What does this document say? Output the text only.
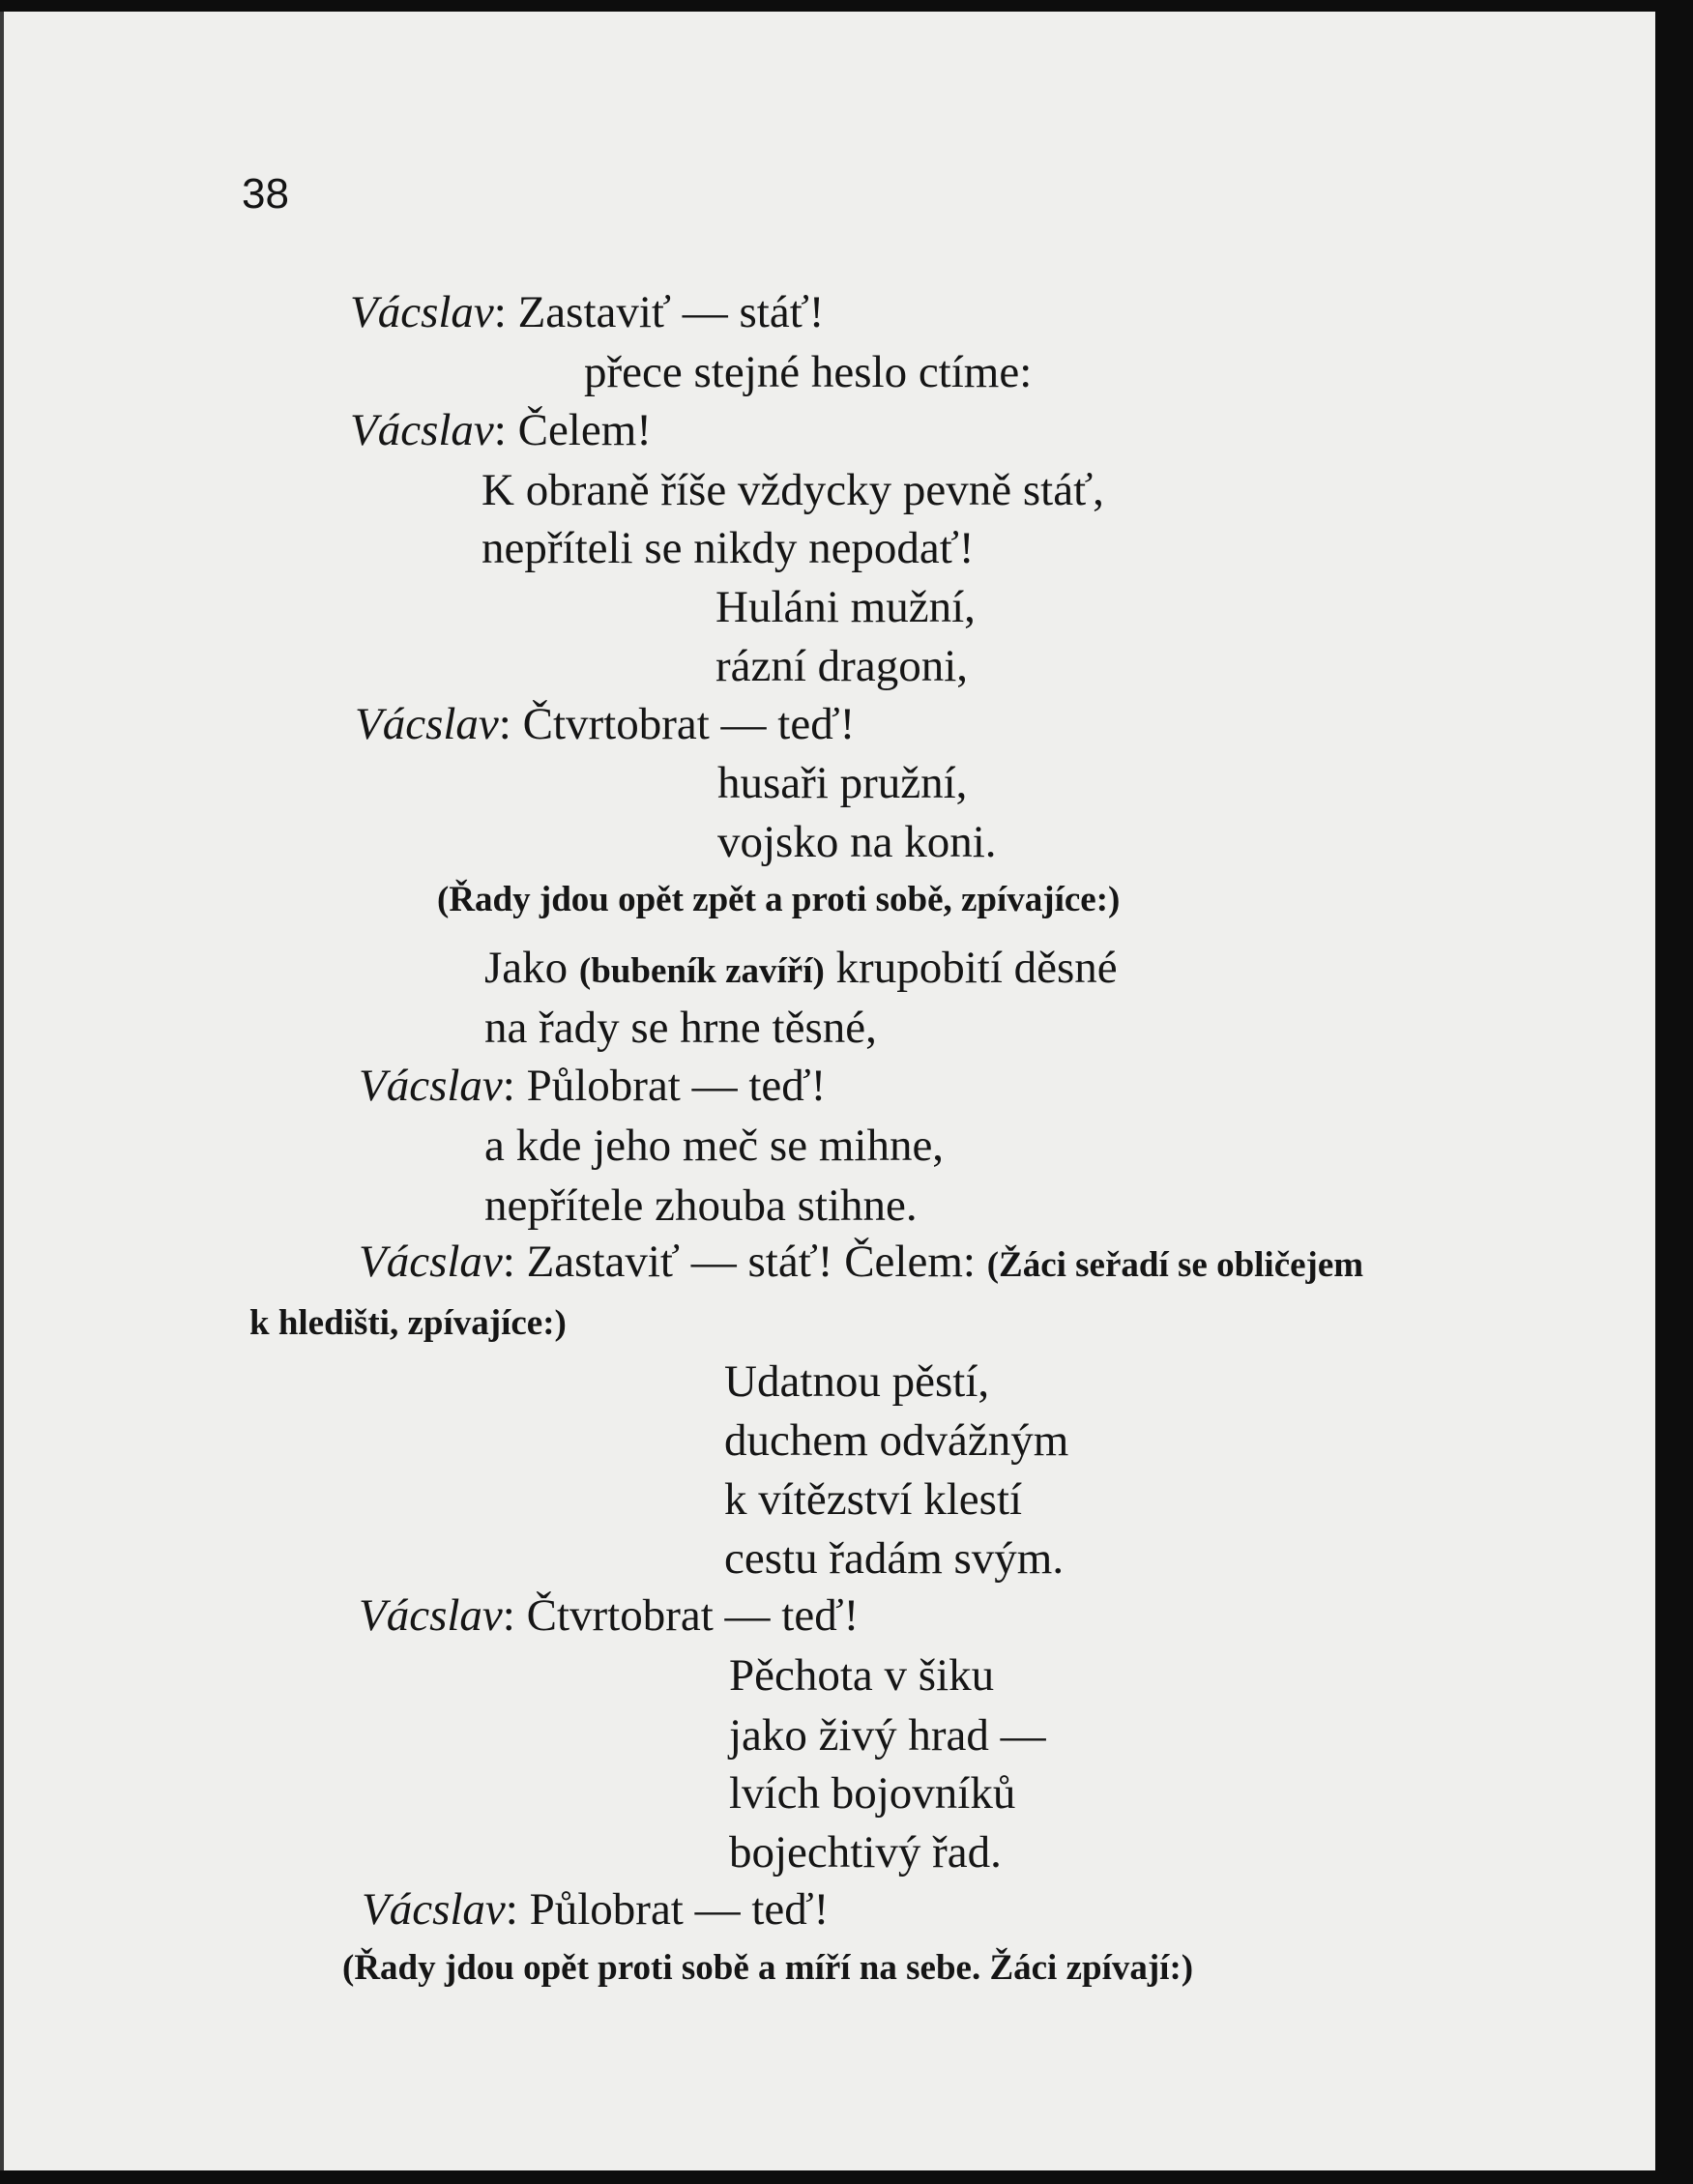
38
Vácslav: Zastaviť — stáť!
přece stejné heslo ctíme:
Vácslav: Čelem!
K obraně říše vždycky pevně stáť,
nepříteli se nikdy nepodať!
Huláni mužní,
rázní dragoni,
Vácslav: Čtvrtobrat — teď!
husaři pružní,
vojsko na koni.
(Řady jdou opět zpět a proti sobě, zpívajíce:)
Jako (bubeník zavíří) krupobití děsné
na řady se hrne těsné,
Vácslav: Půlobrat — teď!
a kde jeho meč se mihne,
nepřítele zhouba stihne.
Vácslav: Zastaviť — stáť! Čelem: (Žáci seřadí se obličejem
k hledišti, zpívajíce:)
Udatnou pěstí,
duchem odvážným
k vítězství klestí
cestu řadám svým.
Vácslav: Čtvrtobrat — teď!
Pěchota v šiku
jako živý hrad —
lvích bojovníků
bojechtivý řad.
Vácslav: Půlobrat — teď!
(Řady jdou opět proti sobě a míří na sebe. Žáci zpívají:)
